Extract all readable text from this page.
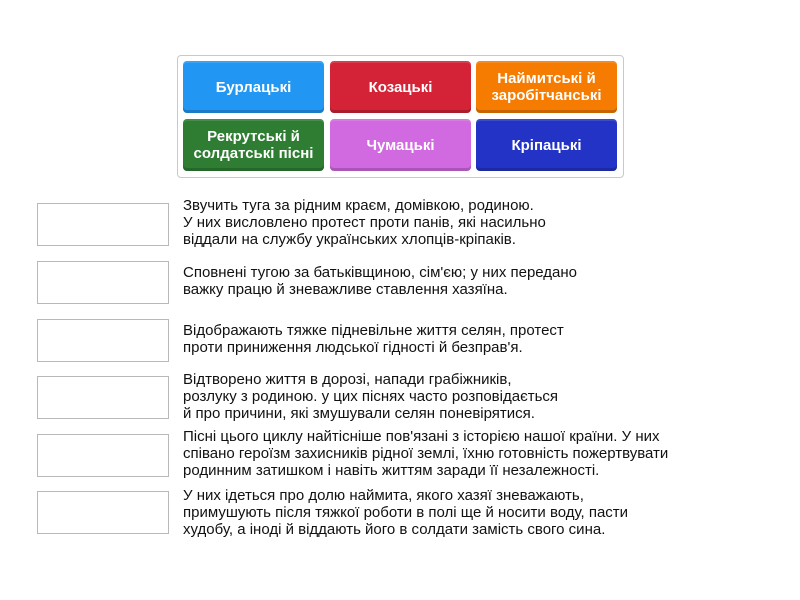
Бурлацькі	Козацькі	Наймитські й заробітчанські
Рекрутські й солдатські пісні	Чумацькі	Кріпацькі
Звучить туга за рідним краєм, домівкою, родиною.
У них висловлено протест проти панів, які насильно
віддали на службу українських хлопців-кріпаків.
Сповнені тугою за батьківщиною, сім'єю; у них передано
важку працю й зневажливе ставлення хазяїна.
Відображають тяжке підневільне життя селян, протест
проти приниження людської гідності й безправ'я.
Відтворено життя в дорозі, напади грабіжників,
розлуку з родиною. у цих піснях часто розповідається
й про причини, які змушували селян поневірятися.
Пісні цього циклу найтісніше пов'язані з історією нашої країни. У них
співано героїзм захисників рідної землі, їхню готовність пожертвувати
родинним затишком і навіть життям заради її незалежності.
У них ідеться про долю наймита, якого хазяї зневажають,
примушують після тяжкої роботи в полі ще й носити воду, пасти
худобу, а іноді й віддають його в солдати замість свого сина.
